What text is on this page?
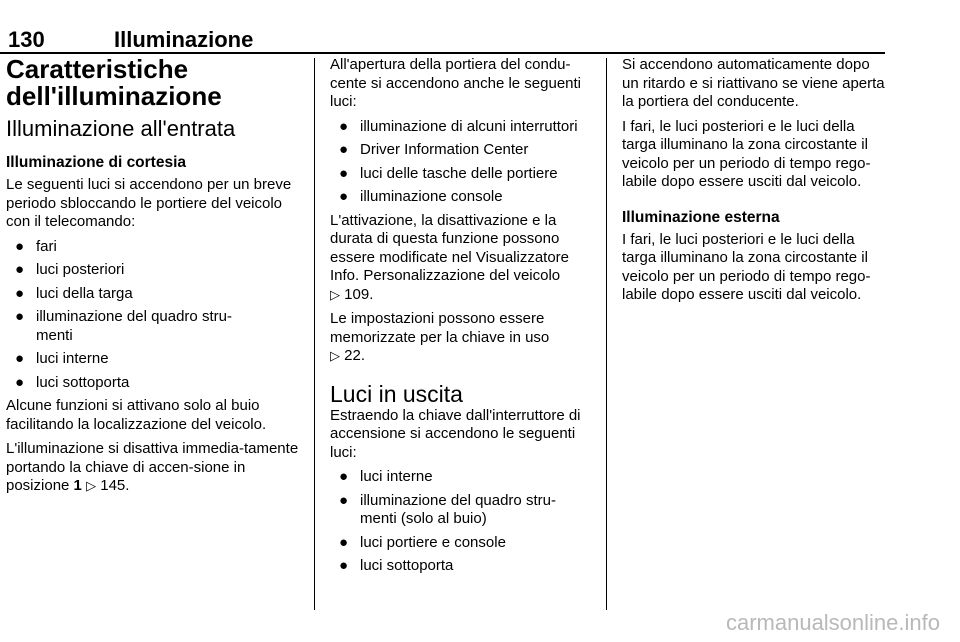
130	Illuminazione
Caratteristiche dell'illuminazione
Illuminazione all'entrata
Illuminazione di cortesia

Le seguenti luci si accendono per un breve periodo sbloccando le portiere del veicolo con il telecomando:

● fari
● luci posteriori
● luci della targa
● illuminazione del quadro stru-
menti
● luci interne
● luci sottoporta

Alcune funzioni si attivano solo al buio facilitando la localizzazione del veicolo.

L'illuminazione si disattiva immedia-tamente portando la chiave di accen-sione in posizione 1 ▷ 145.

All'apertura della portiera del condu-cente si accendono anche le seguenti luci:

● illuminazione di alcuni interruttori
● Driver Information Center
● luci delle tasche delle portiere
● illuminazione console

L'attivazione, la disattivazione e la durata di questa funzione possono essere modificate nel Visualizzatore Info. Personalizzazione del veicolo
▷ 109.

Le impostazioni possono essere memorizzate per la chiave in uso
▷ 22.

Luci in uscita

Estraendo la chiave dall'interruttore di accensione si accendono le seguenti luci:

● luci interne
● illuminazione del quadro stru-
menti (solo al buio)
● luci portiere e console
● luci sottoporta

Si accendono automaticamente dopo un ritardo e si riattivano se viene aperta la portiera del conducente.

I fari, le luci posteriori e le luci della targa illuminano la zona circostante il veicolo per un periodo di tempo rego-labile dopo essere usciti dal veicolo.

Illuminazione esterna

I fari, le luci posteriori e le luci della targa illuminano la zona circostante il veicolo per un periodo di tempo rego-labile dopo essere usciti dal veicolo.

carmanualsonline.info
